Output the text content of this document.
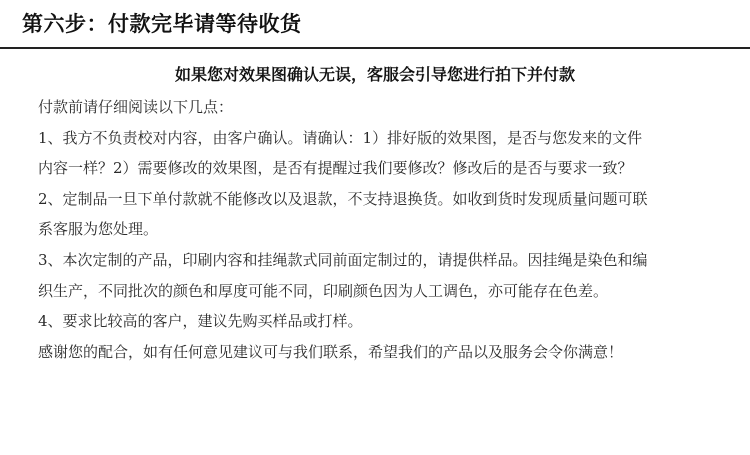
第六步：付款完毕请等待收货
如果您对效果图确认无误，客服会引导您进行拍下并付款
付款前请仔细阅读以下几点：
1、我方不负责校对内容，由客户确认。请确认：1）排好版的效果图，是否与您发来的文件
内容一样？2）需要修改的效果图，是否有提醒过我们要修改？修改后的是否与要求一致？
2、定制品一旦下单付款就不能修改以及退款，不支持退换货。如收到货时发现质量问题可联
系客服为您处理。
3、本次定制的产品，印刷内容和挂绳款式同前面定制过的，请提供样品。因挂绳是染色和编
织生产，不同批次的颜色和厚度可能不同，印刷颜色因为人工调色，亦可能存在色差。
4、要求比较高的客户，建议先购买样品或打样。
感谢您的配合，如有任何意见建议可与我们联系，希望我们的产品以及服务会令你满意！
